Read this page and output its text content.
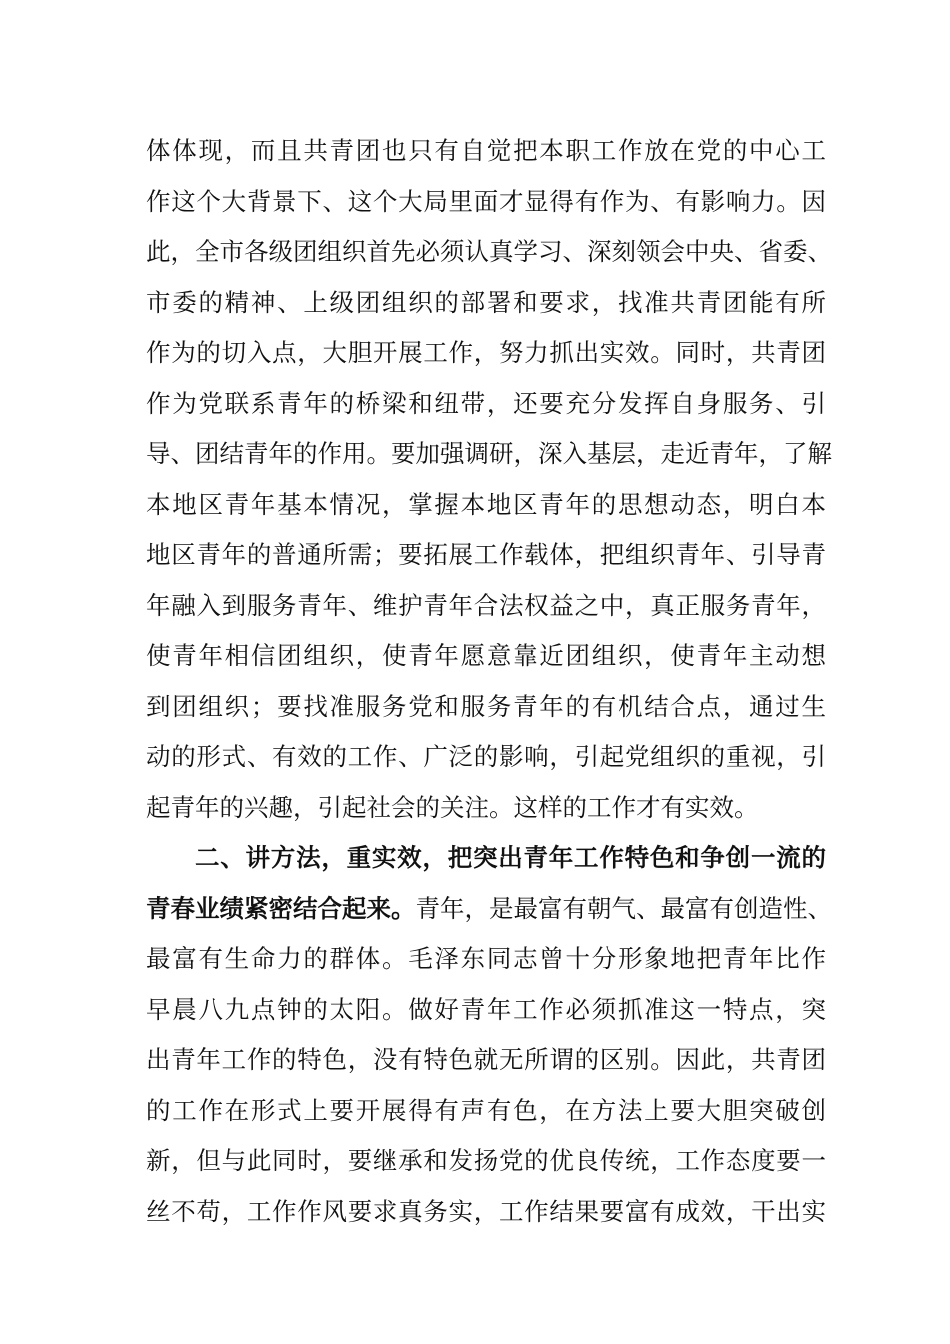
体体现，而且共青团也只有自觉把本职工作放在党的中心工
作这个大背景下、这个大局里面才显得有作为、有影响力。因
此，全市各级团组织首先必须认真学习、深刻领会中央、省委、
市委的精神、上级团组织的部署和要求，找准共青团能有所
作为的切入点，大胆开展工作，努力抓出实效。同时，共青团
作为党联系青年的桥梁和纽带，还要充分发挥自身服务、引
导、团结青年的作用。要加强调研，深入基层，走近青年，了解
本地区青年基本情况，掌握本地区青年的思想动态，明白本
地区青年的普通所需；要拓展工作载体，把组织青年、引导青
年融入到服务青年、维护青年合法权益之中，真正服务青年，
使青年相信团组织，使青年愿意靠近团组织，使青年主动想
到团组织；要找准服务党和服务青年的有机结合点，通过生
动的形式、有效的工作、广泛的影响，引起党组织的重视，引
起青年的兴趣，引起社会的关注。这样的工作才有实效。
二、讲方法，重实效，把突出青年工作特色和争创一流的
青春业绩紧密结合起来。青年，是最富有朝气、最富有创造性、
最富有生命力的群体。毛泽东同志曾十分形象地把青年比作
早晨八九点钟的太阳。做好青年工作必须抓准这一特点，突
出青年工作的特色，没有特色就无所谓的区别。因此，共青团
的工作在形式上要开展得有声有色，在方法上要大胆突破创
新，但与此同时，要继承和发扬党的优良传统，工作态度要一
丝不苟，工作作风要求真务实，工作结果要富有成效，干出实
